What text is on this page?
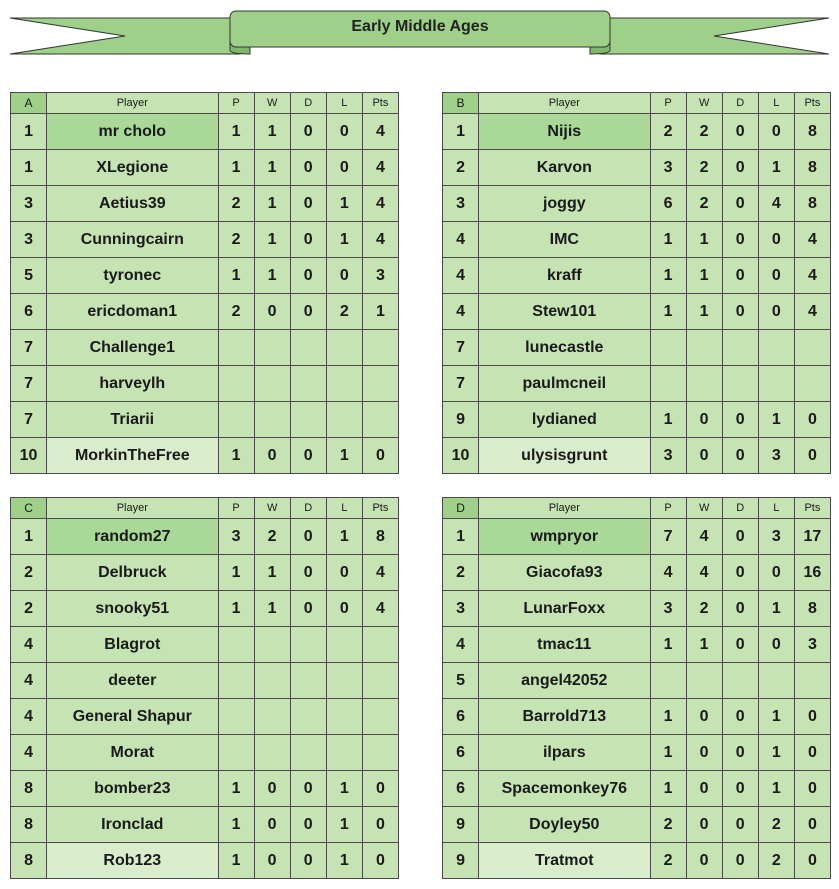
Early Middle Ages
A	Player	P	W	D	L	Pts
1	mr cholo	1	1	0	0	4
1	XLegione	1	1	0	0	4
3	Aetius39	2	1	0	1	4
3	Cunningcairn	2	1	0	1	4
5	tyronec	1	1	0	0	3
6	ericdoman1	2	0	0	2	1
7	Challenge1					
7	harveylh					
7	Triarii					
10	MorkinTheFree	1	0	0	1	0
B	Player	P	W	D	L	Pts
1	Nijis	2	2	0	0	8
2	Karvon	3	2	0	1	8
3	joggy	6	2	0	4	8
4	IMC	1	1	0	0	4
4	kraff	1	1	0	0	4
4	Stew101	1	1	0	0	4
7	lunecastle					
7	paulmcneil					
9	lydianed	1	0	0	1	0
10	ulysisgrunt	3	0	0	3	0
C	Player	P	W	D	L	Pts
1	random27	3	2	0	1	8
2	Delbruck	1	1	0	0	4
2	snooky51	1	1	0	0	4
4	Blagrot					
4	deeter					
4	General Shapur					
4	Morat					
8	bomber23	1	0	0	1	0
8	Ironclad	1	0	0	1	0
8	Rob123	1	0	0	1	0
D	Player	P	W	D	L	Pts
1	wmpryor	7	4	0	3	17
2	Giacofa93	4	4	0	0	16
3	LunarFoxx	3	2	0	1	8
4	tmac11	1	1	0	0	3
5	angel42052					
6	Barrold713	1	0	0	1	0
6	ilpars	1	0	0	1	0
6	Spacemonkey76	1	0	0	1	0
9	Doyley50	2	0	0	2	0
9	Tratmot	2	0	0	2	0
